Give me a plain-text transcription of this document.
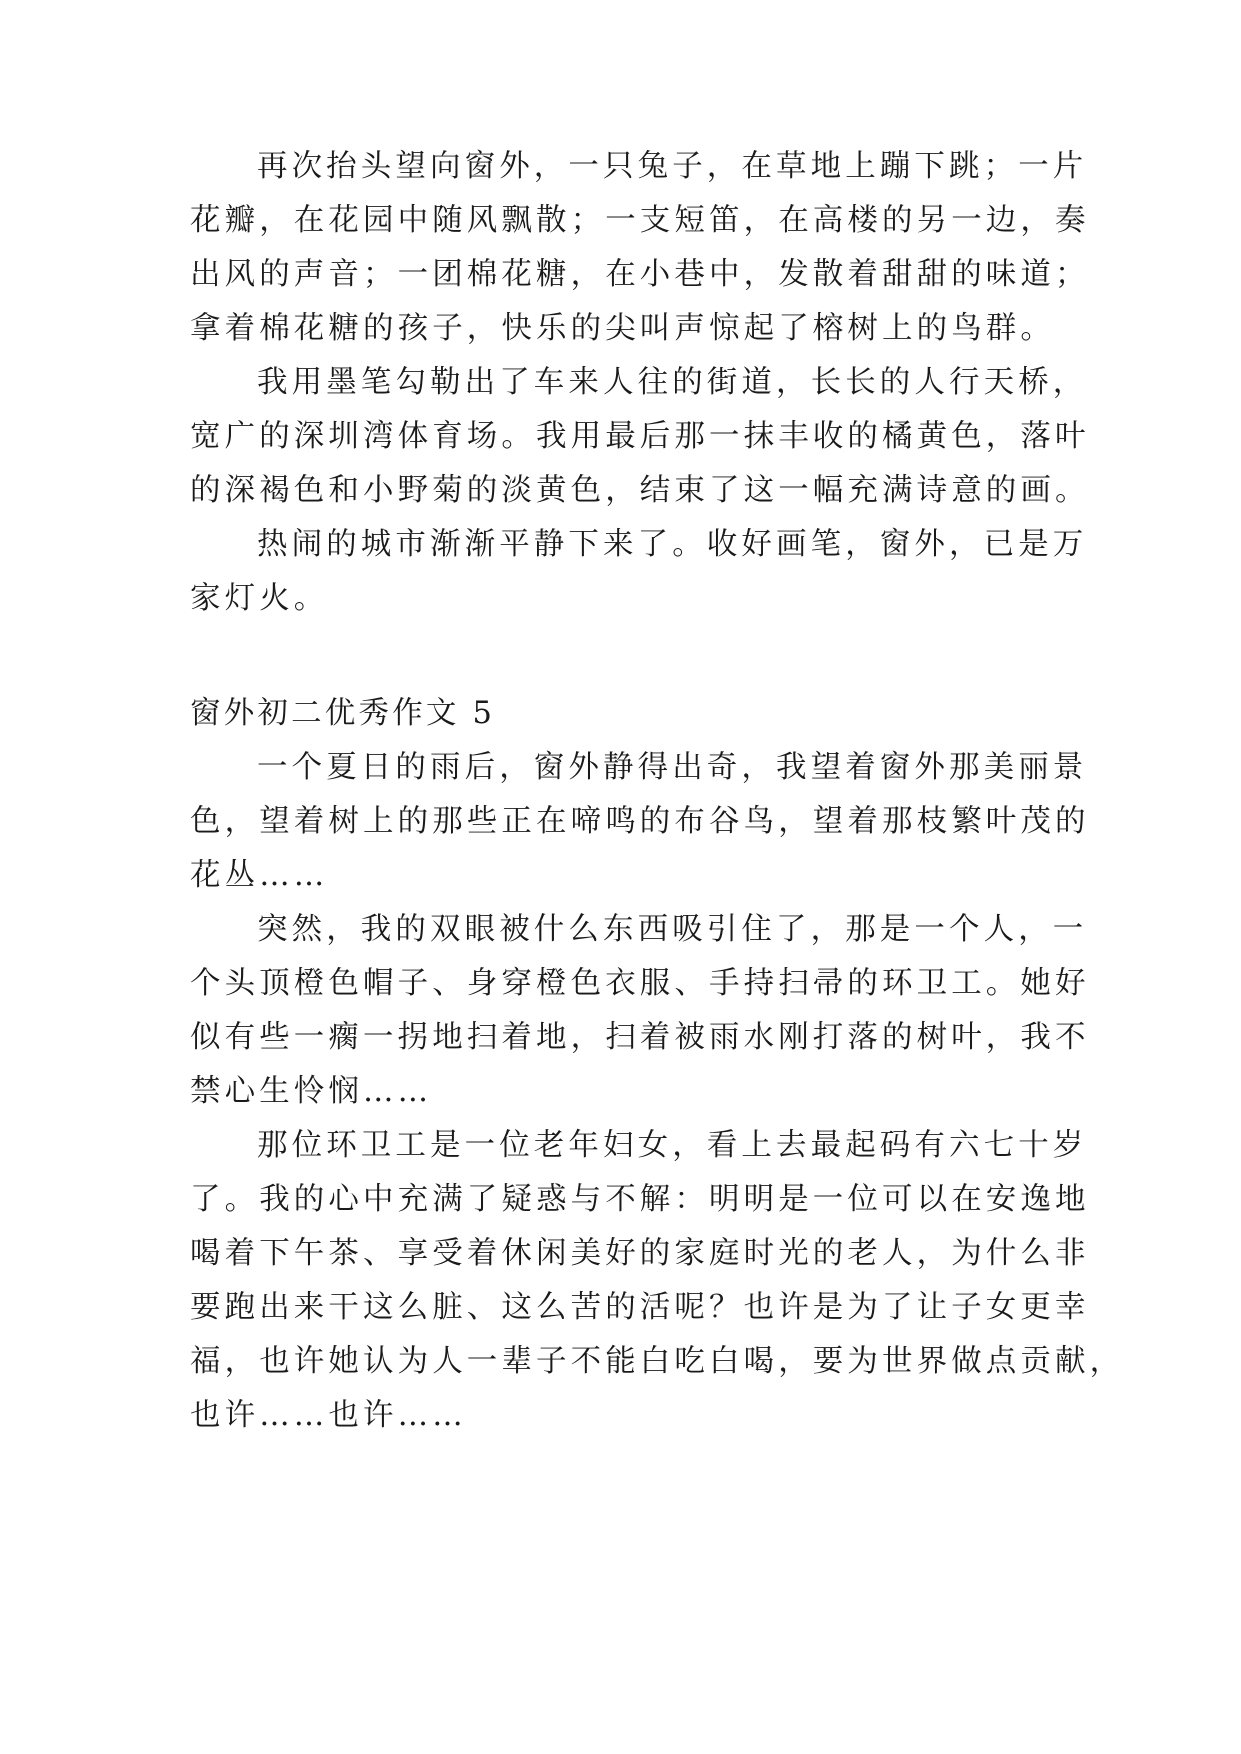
再次抬头望向窗外，一只兔子，在草地上蹦下跳；一片

花瓣，在花园中随风飘散；一支短笛，在高楼的另一边，奏

出风的声音；一团棉花糖，在小巷中，发散着甜甜的味道；

拿着棉花糖的孩子，快乐的尖叫声惊起了榕树上的鸟群。

我用墨笔勾勒出了车来人往的街道，长长的人行天桥，

宽广的深圳湾体育场。我用最后那一抹丰收的橘黄色，落叶

的深褐色和小野菊的淡黄色，结束了这一幅充满诗意的画。

热闹的城市渐渐平静下来了。收好画笔，窗外，已是万

家灯火。

窗外初二优秀作文 5

一个夏日的雨后，窗外静得出奇，我望着窗外那美丽景

色，望着树上的那些正在啼鸣的布谷鸟，望着那枝繁叶茂的

花丛……

突然，我的双眼被什么东西吸引住了，那是一个人，一

个头顶橙色帽子、身穿橙色衣服、手持扫帚的环卫工。她好

似有些一瘸一拐地扫着地，扫着被雨水刚打落的树叶，我不

禁心生怜悯……

那位环卫工是一位老年妇女，看上去最起码有六七十岁

了。我的心中充满了疑惑与不解：明明是一位可以在安逸地

喝着下午茶、享受着休闲美好的家庭时光的老人，为什么非

要跑出来干这么脏、这么苦的活呢？也许是为了让子女更幸

福，也许她认为人一辈子不能白吃白喝，要为世界做点贡献，

也许……也许……
